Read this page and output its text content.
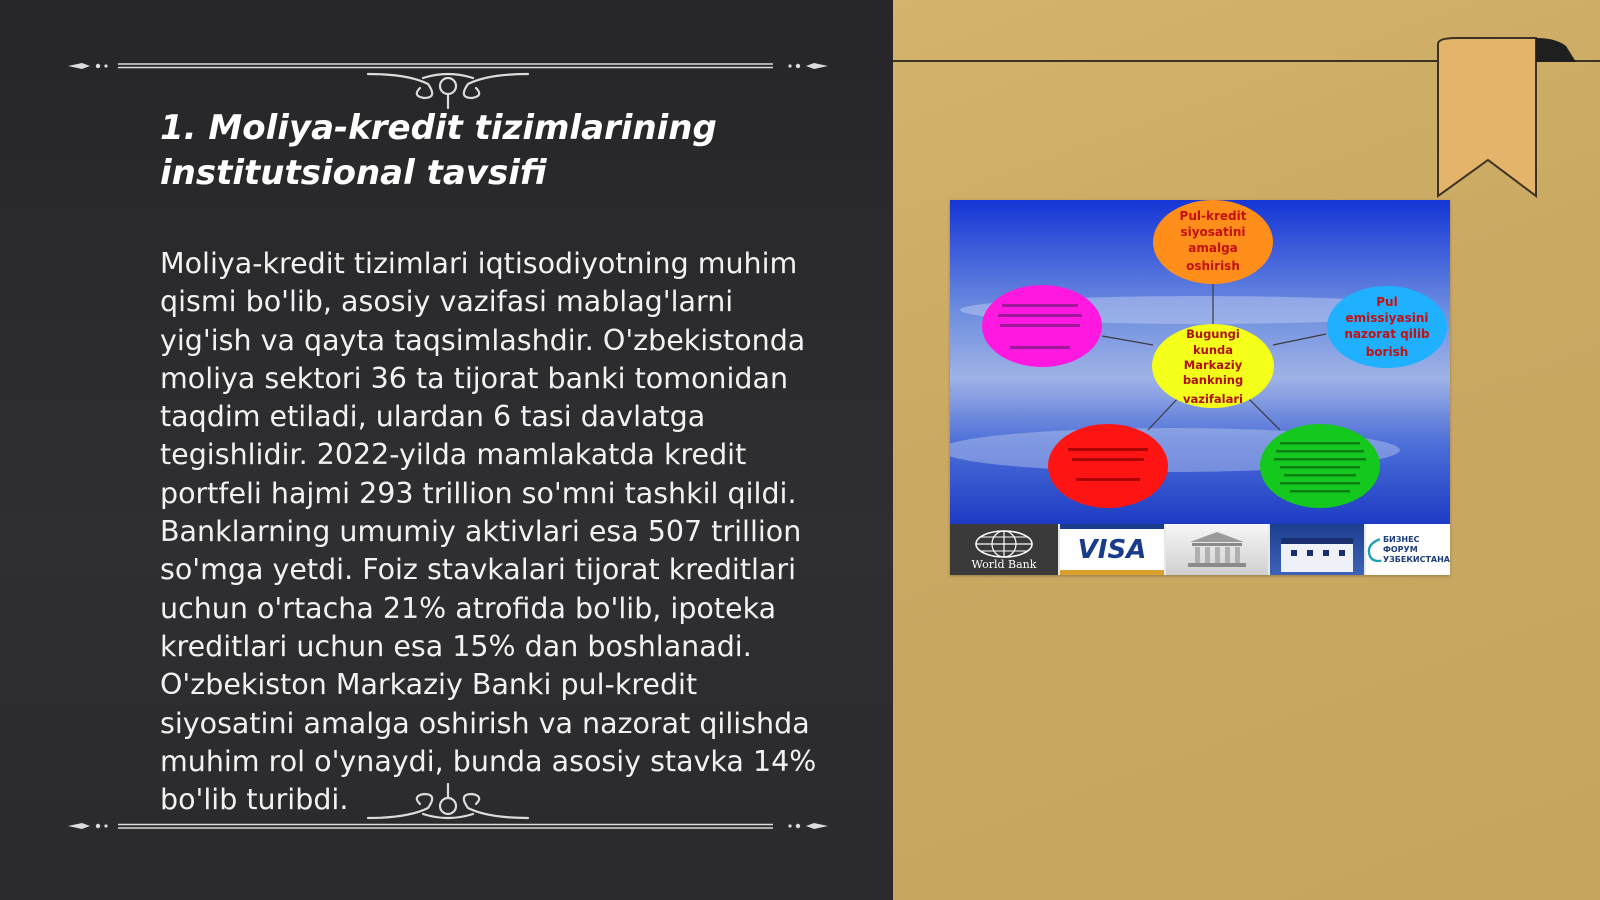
1. Moliya-kredit tizimlarining
institutsional tavsifi

Moliya-kredit tizimlari iqtisodiyotning muhim
qismi bo'lib, asosiy vazifasi mablag'larni
yig'ish va qayta taqsimlashdir. O'zbekistonda
moliya sektori 36 ta tijorat banki tomonidan
taqdim etiladi, ulardan 6 tasi davlatga
tegishlidir. 2022-yilda mamlakatda kredit
portfeli hajmi 293 trillion so'mni tashkil qildi.
Banklarning umumiy aktivlari esa 507 trillion
so'mga yetdi. Foiz stavkalari tijorat kreditlari
uchun o'rtacha 21% atrofida bo'lib, ipoteka
kreditlari uchun esa 15% dan boshlanadi.
O'zbekiston Markaziy Banki pul-kredit
siyosatini amalga oshirish va nazorat qilishda
muhim rol o'ynaydi, bunda asosiy stavka 14%
bo'lib turibdi.

Pul-kredit
siyosatini
amalga
oshirish
Pul
emissiyasini
nazorat qilib
borish
Bugungi
kunda
Markaziy
bankning
vazifalari
World Bank VISA	БИЗНЕС
ФОРУМ
УЗБЕКИСТАНА
